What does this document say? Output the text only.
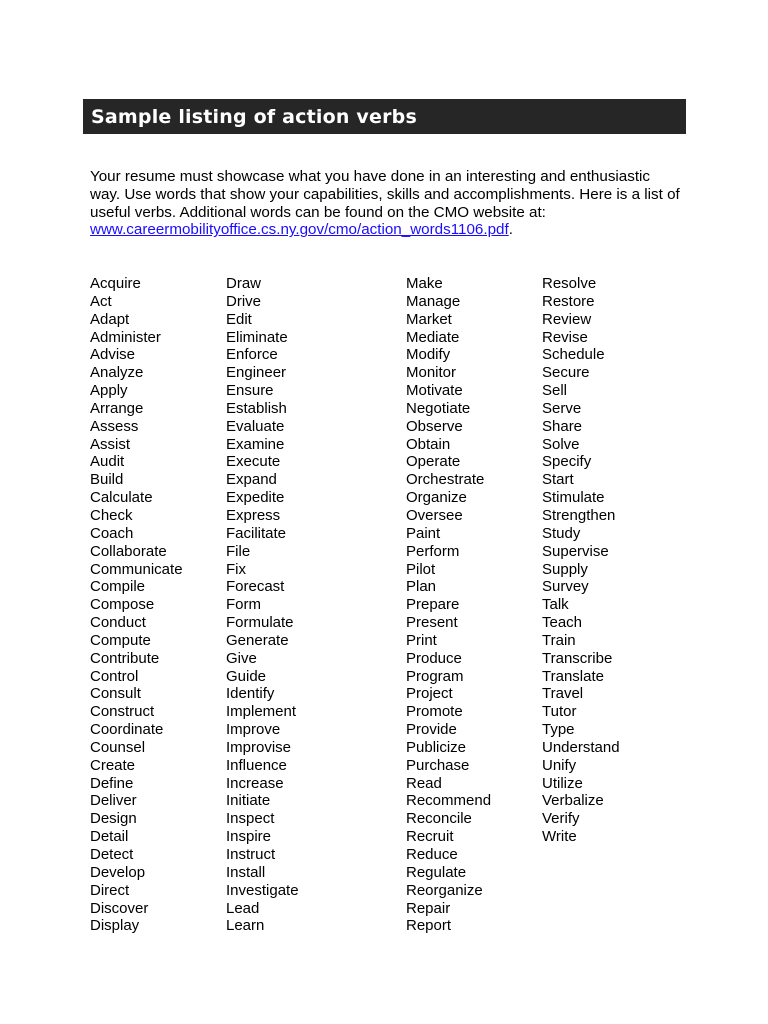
Sample listing of action verbs

Your resume must showcase what you have done in an interesting and enthusiastic way. Use words that show your capabilities, skills and accomplishments. Here is a list of useful verbs. Additional words can be found on the CMO website at:
www.careermobilityoffice.cs.ny.gov/cmo/action_words1106.pdf.

Acquire
Act
Adapt
Administer
Advise
Analyze
Apply
Arrange
Assess
Assist
Audit
Build
Calculate
Check
Coach
Collaborate
Communicate
Compile
Compose
Conduct
Compute
Contribute
Control
Consult
Construct
Coordinate
Counsel
Create
Define
Deliver
Design
Detail
Detect
Develop
Direct
Discover
Display
Draw
Drive
Edit
Eliminate
Enforce
Engineer
Ensure
Establish
Evaluate
Examine
Execute
Expand
Expedite
Express
Facilitate
File
Fix
Forecast
Form
Formulate
Generate
Give
Guide
Identify
Implement
Improve
Improvise
Influence
Increase
Initiate
Inspect
Inspire
Instruct
Install
Investigate
Lead
Learn
Make
Manage
Market
Mediate
Modify
Monitor
Motivate
Negotiate
Observe
Obtain
Operate
Orchestrate
Organize
Oversee
Paint
Perform
Pilot
Plan
Prepare
Present
Print
Produce
Program
Project
Promote
Provide
Publicize
Purchase
Read
Recommend
Reconcile
Recruit
Reduce
Regulate
Reorganize
Repair
Report
Resolve
Restore
Review
Revise
Schedule
Secure
Sell
Serve
Share
Solve
Specify
Start
Stimulate
Strengthen
Study
Supervise
Supply
Survey
Talk
Teach
Train
Transcribe
Translate
Travel
Tutor
Type
Understand
Unify
Utilize
Verbalize
Verify
Write
